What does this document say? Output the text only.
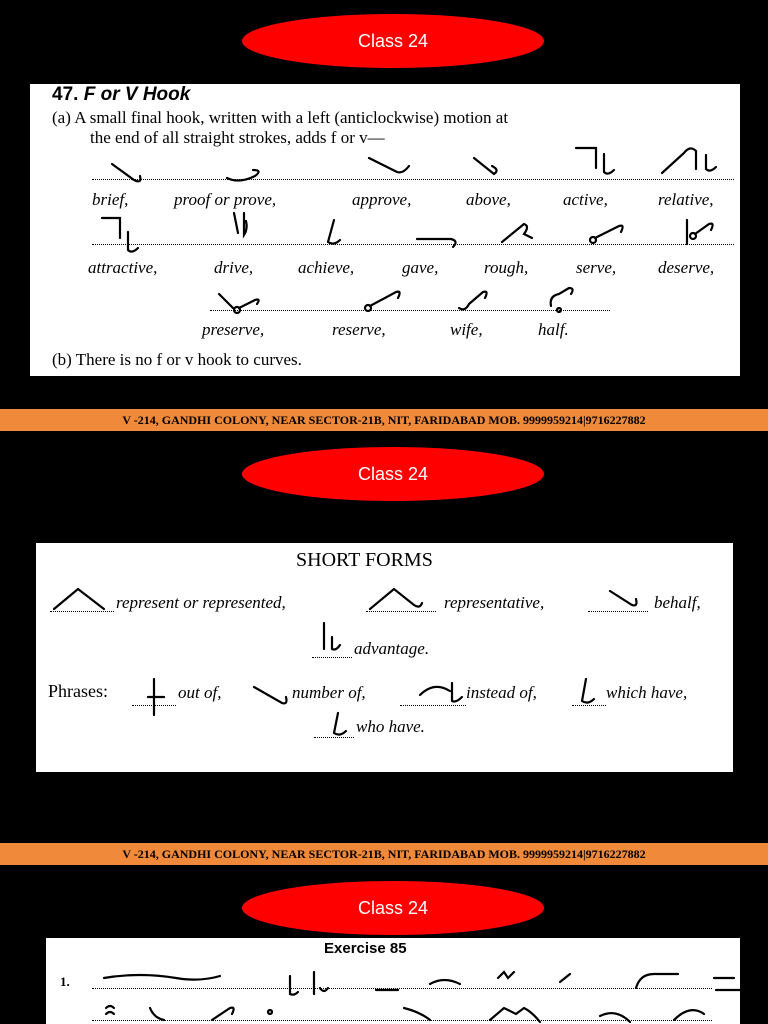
Class 24
47. F or V Hook
(a) A small final hook, written with a left (anticlockwise) motion at
the end of all straight strokes, adds f or v—
brief,	proof or prove,	approve,	above,	active,	relative,
attractive,	drive,	achieve,	gave,	rough,	serve, deserve,
preserve,	reserve,	wife,	half.
(b) There is no f or v hook to curves.
V -214, GANDHI COLONY, NEAR SECTOR-21B, NIT, FARIDABAD MOB. 9999959214|9716227882
Class 24
SHORT FORMS
represent or represented,	representative,	behalf,
advantage.
Phrases:	out of,	number of,	instead of,	which have,
who have.
V -214, GANDHI COLONY, NEAR SECTOR-21B, NIT, FARIDABAD MOB. 9999959214|9716227882
Class 24
Exercise 85
1.
